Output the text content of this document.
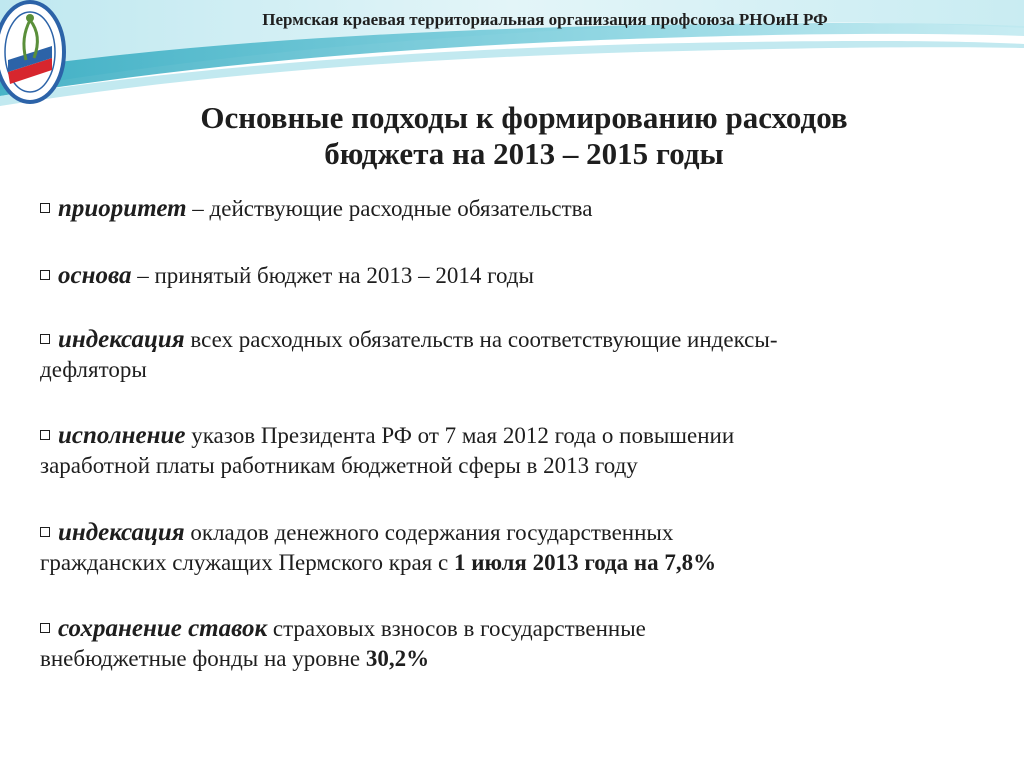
Пермская краевая территориальная организация профсоюза РНОиН РФ
Основные подходы к формированию расходов
бюджета на 2013 – 2015 годы
приоритет – действующие расходные обязательства
основа – принятый бюджет на 2013 – 2014 годы
индексация всех расходных обязательств на соответствующие индексы-
дефляторы
исполнение указов Президента РФ от 7 мая 2012 года о повышении
заработной платы работникам бюджетной сферы в 2013 году
индексация окладов денежного содержания государственных
гражданских служащих Пермского края с 1 июля 2013 года на 7,8%
сохранение ставок страховых взносов в государственные
внебюджетные фонды на уровне 30,2%
